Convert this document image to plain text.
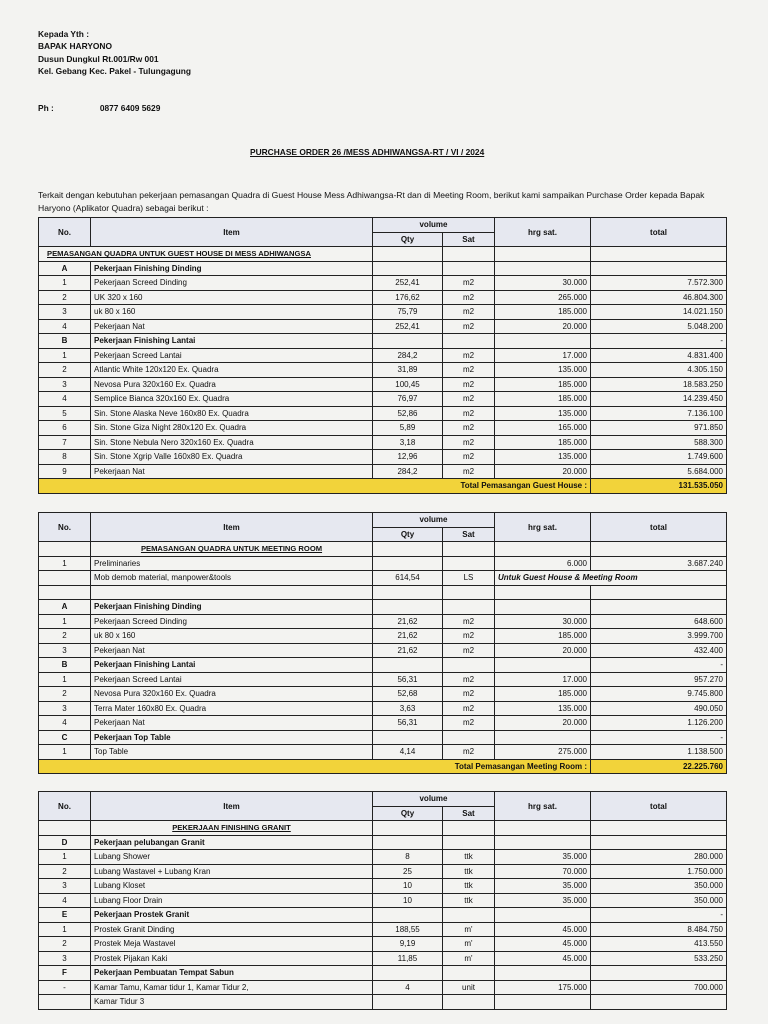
Kepada Yth :
BAPAK HARYONO
Dusun Dungkul Rt.001/Rw 001
Kel. Gebang Kec. Pakel - Tulungagung
Ph :	0877 6409 5629
PURCHASE ORDER 26 /MESS ADHIWANGSA-RT / VI / 2024
Terkait dengan kebutuhan pekerjaan pemasangan Quadra di Guest House Mess Adhiwangsa-Rt dan di Meeting Room, berikut kami sampaikan Purchase Order kepada Bapak Haryono (Aplikator Quadra) sebagai berikut :
No.	Item	volume		hrg sat.	total
		Qty	Sat		
PEMASANGAN QUADRA UNTUK GUEST HOUSE DI MESS ADHIWANGSA					
A	Pekerjaan Finishing Dinding				
1	Pekerjaan Screed Dinding	252,41	m2	30.000	7.572.300
2	UK 320 x 160	176,62	m2	265.000	46.804.300
3	uk 80 x 160	75,79	m2	185.000	14.021.150
4	Pekerjaan Nat	252,41	m2	20.000	5.048.200
B	Pekerjaan Finishing Lantai				-
1	Pekerjaan Screed Lantai	284,2	m2	17.000	4.831.400
2	Atlantic White 120x120 Ex. Quadra	31,89	m2	135.000	4.305.150
3	Nevosa Pura 320x160 Ex. Quadra	100,45	m2	185.000	18.583.250
4	Semplice Bianca 320x160 Ex. Quadra	76,97	m2	185.000	14.239.450
5	Sin. Stone Alaska Neve 160x80 Ex. Quadra	52,86	m2	135.000	7.136.100
6	Sin. Stone Giza Night 280x120 Ex. Quadra	5,89	m2	165.000	971.850
7	Sin. Stone Nebula Nero 320x160 Ex. Quadra	3,18	m2	185.000	588.300
8	Sin. Stone Xgrip Valle 160x80 Ex. Quadra	12,96	m2	135.000	1.749.600
9	Pekerjaan Nat	284,2	m2	20.000	5.684.000
Total Pemasangan Guest House :					131.535.050
No.	Item	volume		hrg sat.	total
		Qty	Sat		
	PEMASANGAN QUADRA UNTUK MEETING ROOM				
1	Preliminaries			6.000	3.687.240
	Mob demob material, manpower&tools	614,54	LS	Untuk Guest House & Meeting Room	

A	Pekerjaan Finishing Dinding				
1	Pekerjaan Screed Dinding	21,62	m2	30.000	648.600
2	uk 80 x 160	21,62	m2	185.000	3.999.700
3	Pekerjaan Nat	21,62	m2	20.000	432.400
B	Pekerjaan Finishing Lantai				-
1	Pekerjaan Screed Lantai	56,31	m2	17.000	957.270
2	Nevosa Pura 320x160 Ex. Quadra	52,68	m2	185.000	9.745.800
3	Terra Mater 160x80 Ex. Quadra	3,63	m2	135.000	490.050
4	Pekerjaan Nat	56,31	m2	20.000	1.126.200
C	Pekerjaan Top Table				-
1	Top Table	4,14	m2	275.000	1.138.500
Total Pemasangan Meeting Room :					22.225.760
No.	Item	volume		hrg sat.	total
		Qty	Sat		
	PEKERJAAN FINISHING GRANIT				
D	Pekerjaan pelubangan Granit				
1	Lubang Shower	8	ttk	35.000	280.000
2	Lubang Wastavel + Lubang Kran	25	ttk	70.000	1.750.000
3	Lubang Kloset	10	ttk	35.000	350.000
4	Lubang Floor Drain	10	ttk	35.000	350.000
E	Pekerjaan Prostek Granit				-
1	Prostek Granit Dinding	188,55	m'	45.000	8.484.750
2	Prostek Meja Wastavel	9,19	m'	45.000	413.550
3	Prostek Pijakan Kaki	11,85	m'	45.000	533.250
F	Pekerjaan Pembuatan Tempat Sabun				
-	Kamar Tamu, Kamar tidur 1, Kamar Tidur 2,	4	unit	175.000	700.000
	Kamar Tidur 3				
